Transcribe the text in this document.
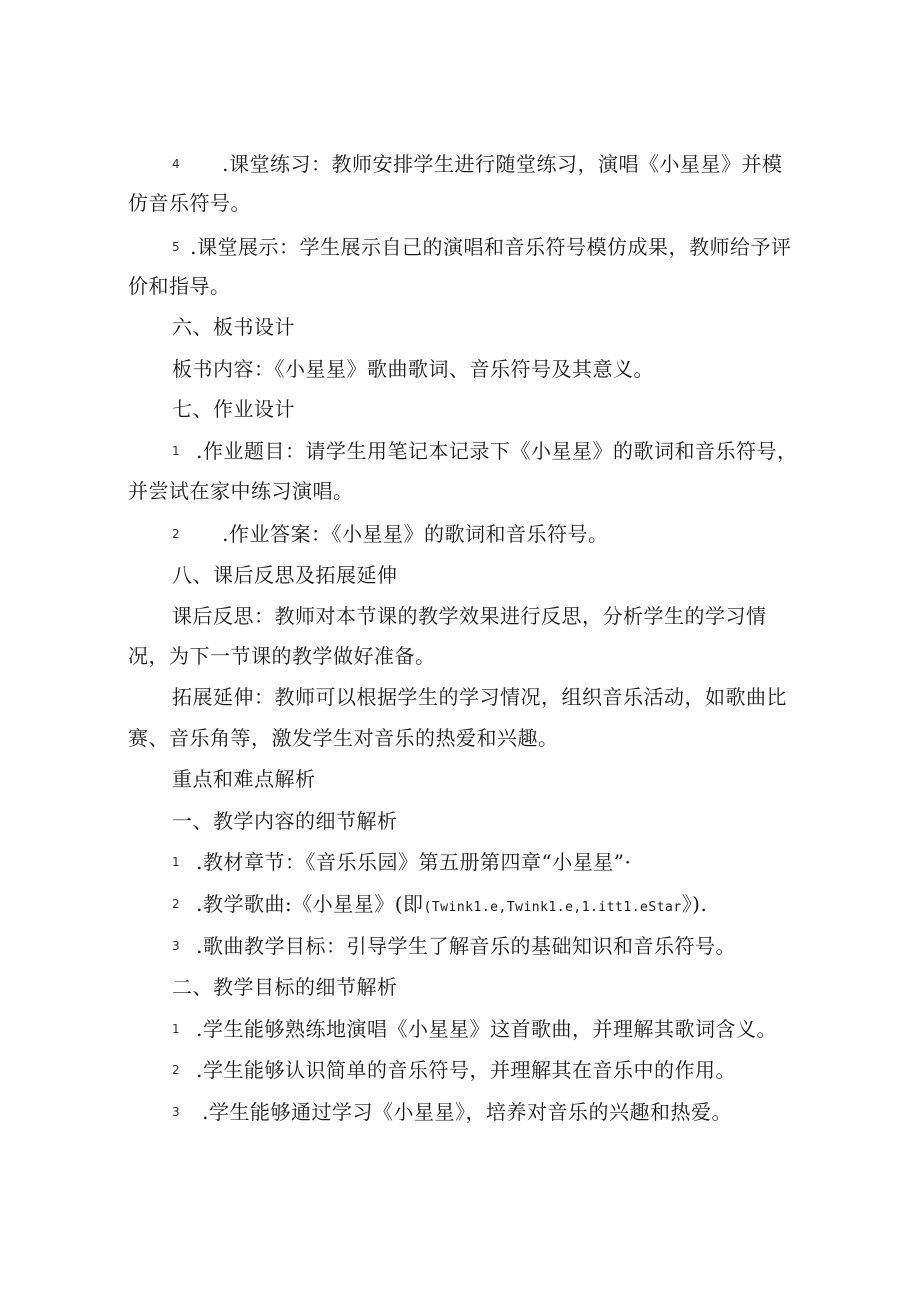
4 .课堂练习：教师安排学生进行随堂练习，演唱《小星星》并模
仿音乐符号。
5 .课堂展示：学生展示自己的演唱和音乐符号模仿成果，教师给予评
价和指导。
六、板书设计
板书内容：《小星星》歌曲歌词、音乐符号及其意义。
七、作业设计
1 .作业题目：请学生用笔记本记录下《小星星》的歌词和音乐符号，
并尝试在家中练习演唱。
2 .作业答案：《小星星》的歌词和音乐符号。
八、课后反思及拓展延伸
课后反思：教师对本节课的教学效果进行反思，分析学生的学习情
况，为下一节课的教学做好准备。
拓展延伸：教师可以根据学生的学习情况，组织音乐活动，如歌曲比
赛、音乐角等，激发学生对音乐的热爱和兴趣。
重点和难点解析
一、教学内容的细节解析
1 .教材章节：《音乐乐园》第五册第四章“小星星”·
2 .教学歌曲:《小星星》(即(Twink1.e,Twink1.e,1.itt1.eStar》).
3 .歌曲教学目标：引导学生了解音乐的基础知识和音乐符号。
二、教学目标的细节解析
1 .学生能够熟练地演唱《小星星》这首歌曲，并理解其歌词含义。
2 .学生能够认识简单的音乐符号，并理解其在音乐中的作用。
3 .学生能够通过学习《小星星》，培养对音乐的兴趣和热爱。
